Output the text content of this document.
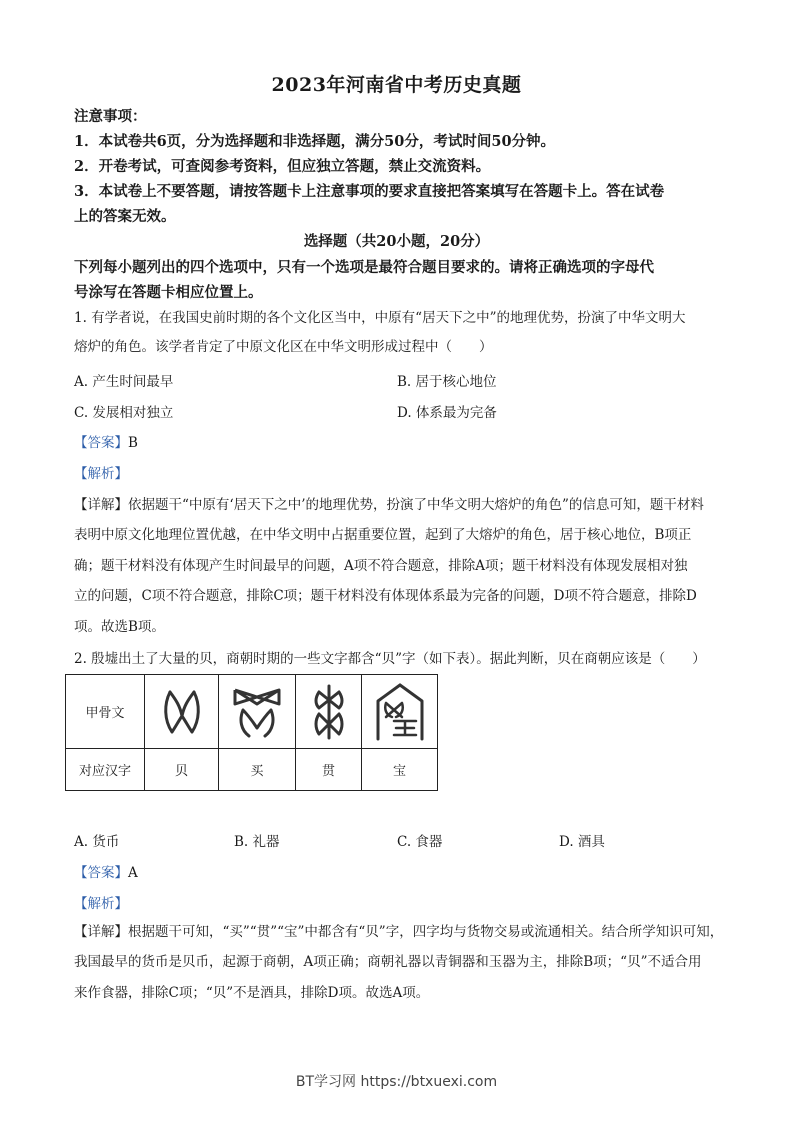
2023年河南省中考历史真题
注意事项：
1．本试卷共6页，分为选择题和非选择题，满分50分，考试时间50分钟。
2．开卷考试，可查阅参考资料，但应独立答题，禁止交流资料。
3．本试卷上不要答题，请按答题卡上注意事项的要求直接把答案填写在答题卡上。答在试卷
上的答案无效。
选择题（共20小题，20分）
下列每小题列出的四个选项中，只有一个选项是最符合题目要求的。请将正确选项的字母代
号涂写在答题卡相应位置上。
1. 有学者说，在我国史前时期的各个文化区当中，中原有“居天下之中”的地理优势，扮演了中华文明大
熔炉的角色。该学者肯定了中原文化区在中华文明形成过程中（　　）
A. 产生时间最早	B. 居于核心地位
C. 发展相对独立	D. 体系最为完备
【答案】B
【解析】
【详解】依据题干“中原有‘居天下之中’的地理优势，扮演了中华文明大熔炉的角色”的信息可知，题干材料
表明中原文化地理位置优越，在中华文明中占据重要位置，起到了大熔炉的角色，居于核心地位，B项正
确；题干材料没有体现产生时间最早的问题，A项不符合题意，排除A项；题干材料没有体现发展相对独
立的问题，C项不符合题意，排除C项；题干材料没有体现体系最为完备的问题，D项不符合题意，排除D
项。故选B项。
2. 殷墟出土了大量的贝，商朝时期的一些文字都含“贝”字（如下表）。据此判断，贝在商朝应该是（　　）
甲骨文	

对应汉字	贝	买	贯	宝
A. 货币	B. 礼器	C. 食器	D. 酒具
【答案】A
【解析】
【详解】根据题干可知，“买”“贯”“宝”中都含有“贝”字，四字均与货物交易或流通相关。结合所学知识可知，
我国最早的货币是贝币，起源于商朝，A项正确；商朝礼器以青铜器和玉器为主，排除B项；“贝”不适合用
来作食器，排除C项；“贝”不是酒具，排除D项。故选A项。
BT学习网 https://btxuexi.com
